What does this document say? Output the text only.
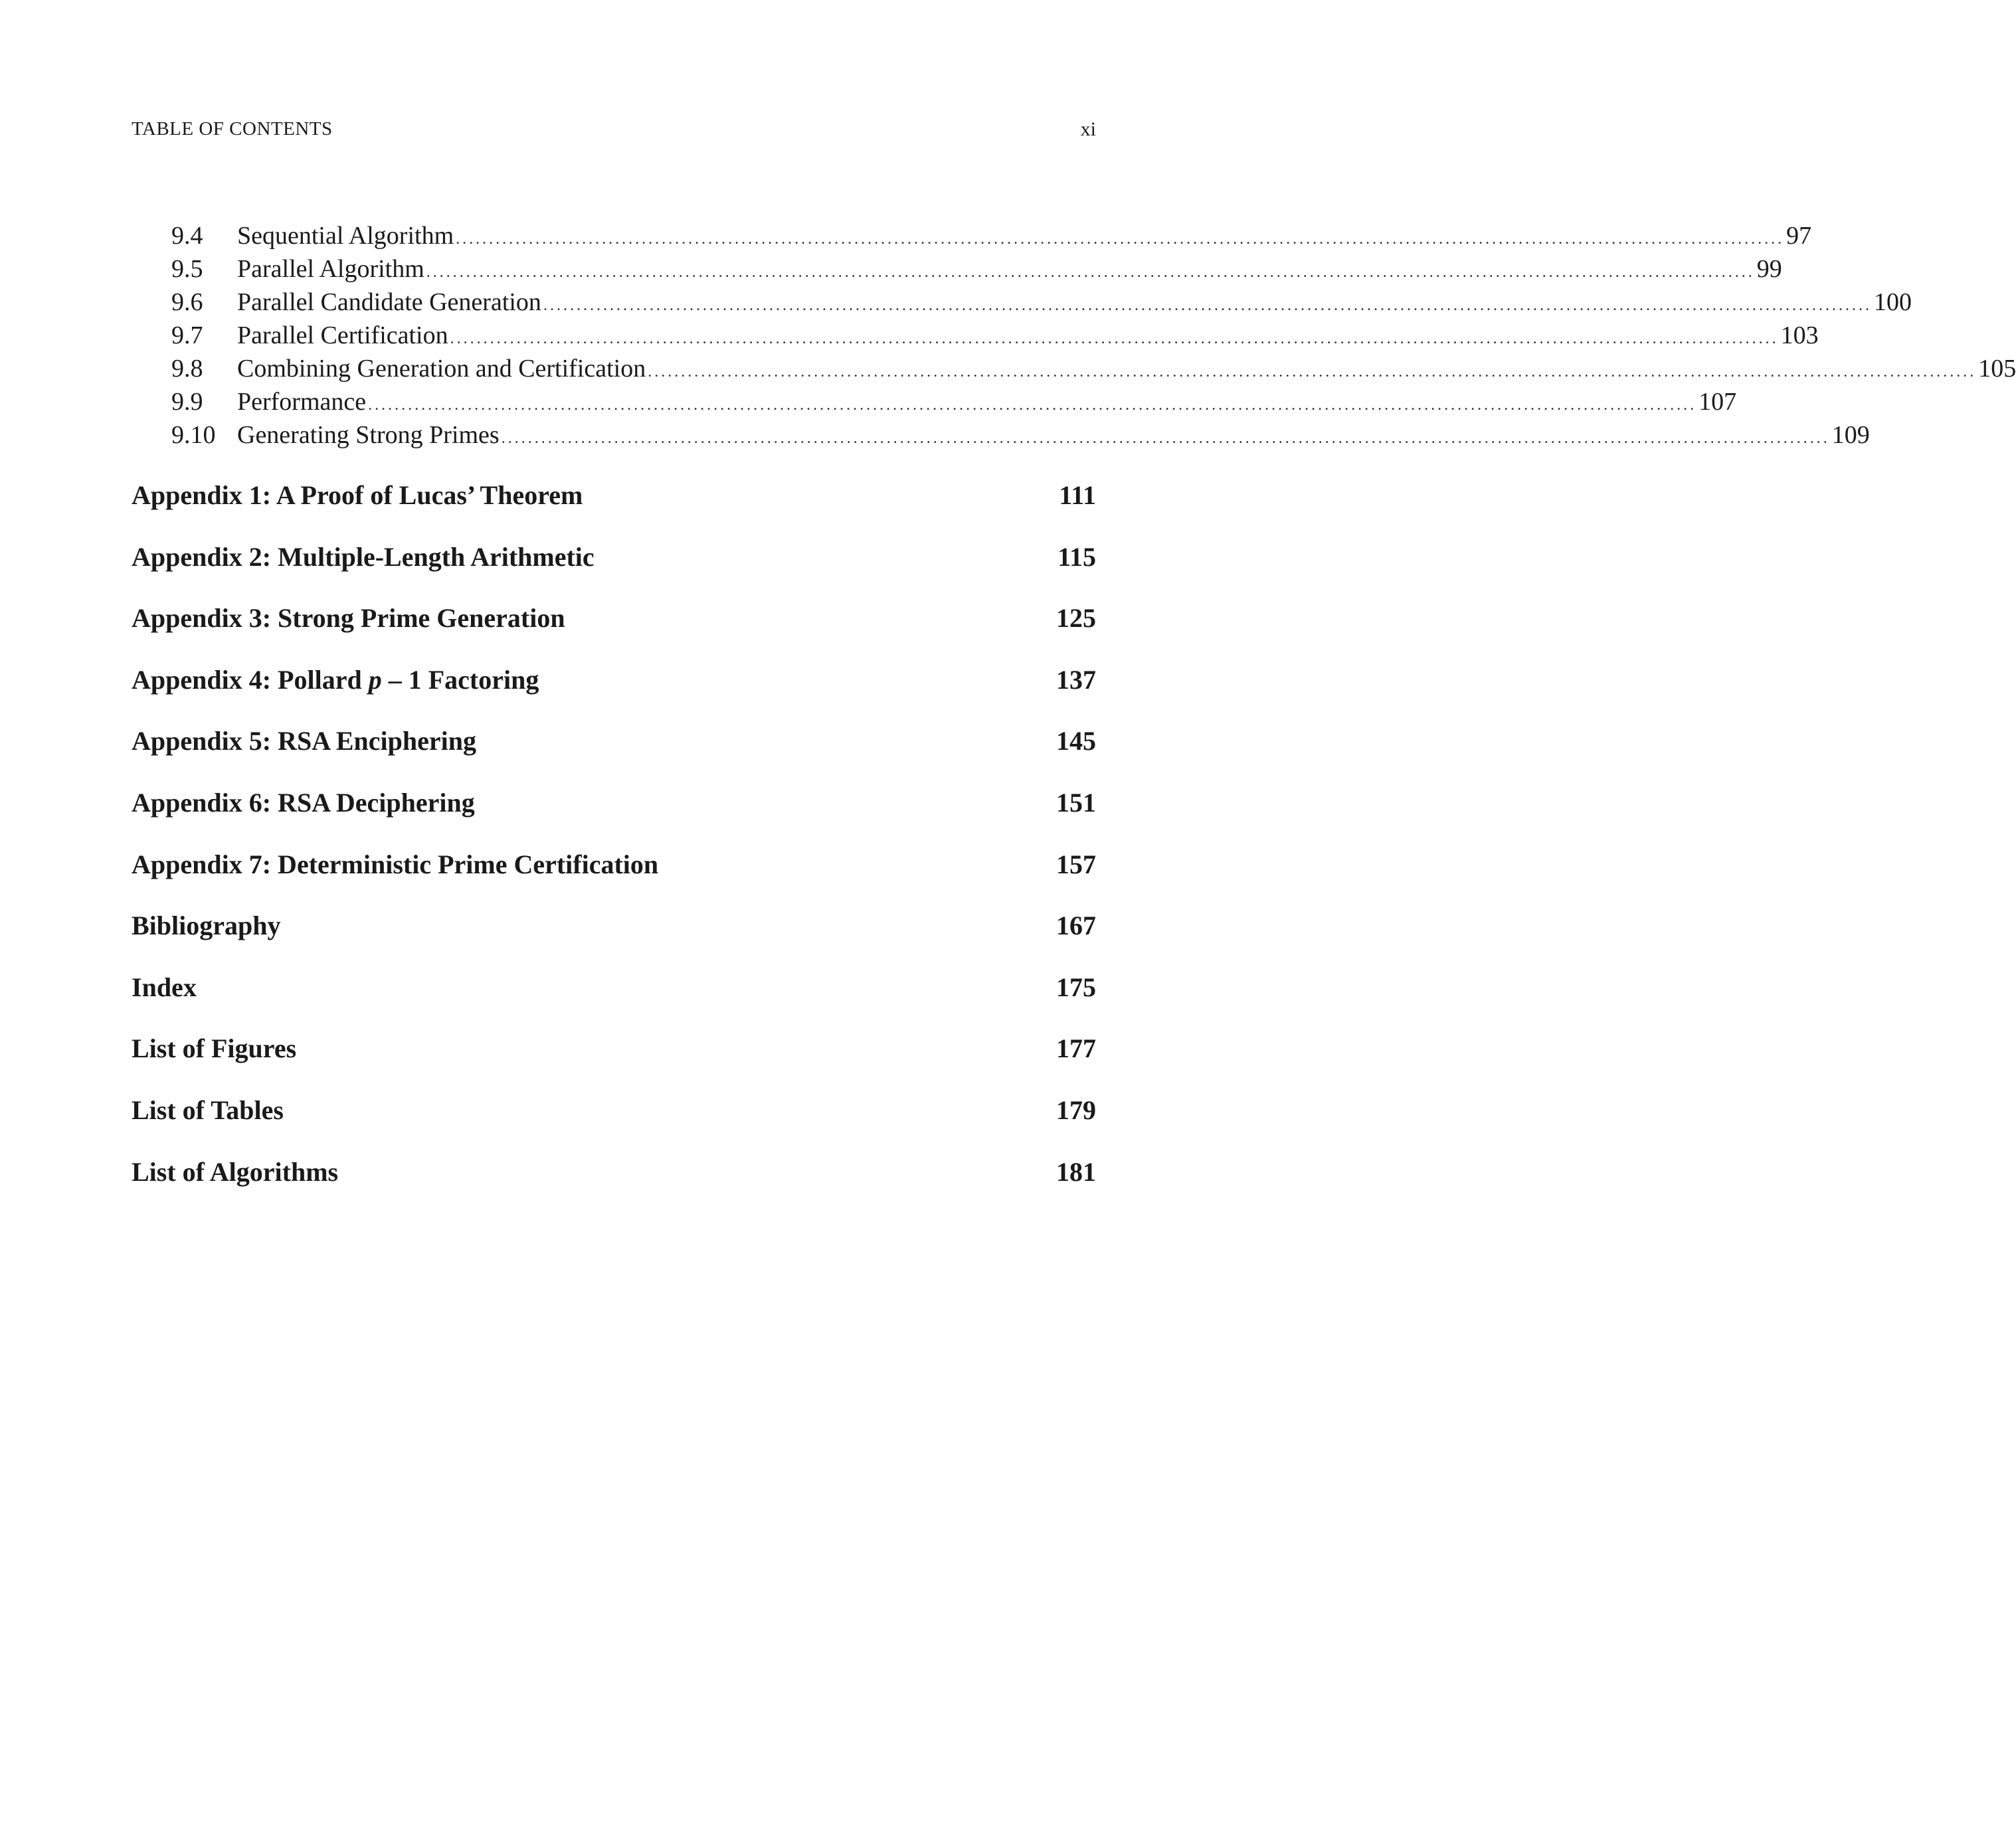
TABLE OF CONTENTS	xi
9.4	Sequential Algorithm ........................................................................................................................................................................................................ 97
9.5	Parallel Algorithm ........................................................................................................................................................................................................ 99
9.6	Parallel Candidate Generation ........................................................................................................................................................................................................ 100
9.7	Parallel Certification ........................................................................................................................................................................................................ 103
9.8	Combining Generation and Certification ........................................................................................................................................................................................................ 105
9.9	Performance ........................................................................................................................................................................................................ 107
9.10 Generating Strong Primes ........................................................................................................................................................................................................ 109
Appendix 1: A Proof of Lucas’ Theorem	111
Appendix 2: Multiple-Length Arithmetic	115
Appendix 3: Strong Prime Generation	125
Appendix 4: Pollard p – 1 Factoring	137
Appendix 5: RSA Enciphering	145
Appendix 6: RSA Deciphering	151
Appendix 7: Deterministic Prime Certification	157
Bibliography	167
Index	175
List of Figures	177
List of Tables	179
List of Algorithms	181
